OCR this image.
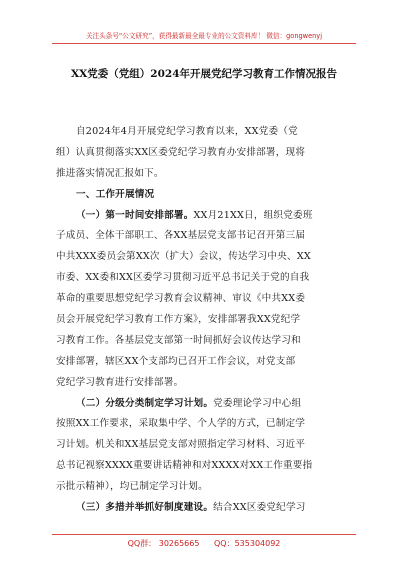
关注头条号“公文研究”，获得最新最全最专业的公文资料库！ 微信：gongwenyj
XX党委（党组）2024年开展党纪学习教育工作情况报告
自2024年4月开展党纪学习教育以来，XX党委（党
组）认真贯彻落实XX区委党纪学习教育办安排部署，现将
推进落实情况汇报如下。
一、工作开展情况
（一）第一时间安排部署。XX月21XX日，组织党委班
子成员、全体干部职工、各XX基层党支部书记召开第三届
中共XXX委员会第XX次（扩大）会议，传达学习中央、XX
市委、XX委和XX区委学习贯彻习近平总书记关于党的自我
革命的重要思想党纪学习教育会议精神、审议《中共XX委
员会开展党纪学习教育工作方案》，安排部署我XX党纪学
习教育工作。各基层党支部第一时间抓好会议传达学习和
安排部署，辖区XX个支部均已召开工作会议，对党支部
党纪学习教育进行安排部署。
（二）分级分类制定学习计划。党委理论学习中心组
按照XX工作要求，采取集中学、个人学的方式，已制定学
习计划。机关和XX基层党支部对照指定学习材料、习近平
总书记视察XXXX重要讲话精神和对XXXX对XX工作重要指
示批示精神），均已制定学习计划。
（三）多措并举抓好制度建设。结合XX区委党纪学习
QQ群： 30265665 QQ：535304092
